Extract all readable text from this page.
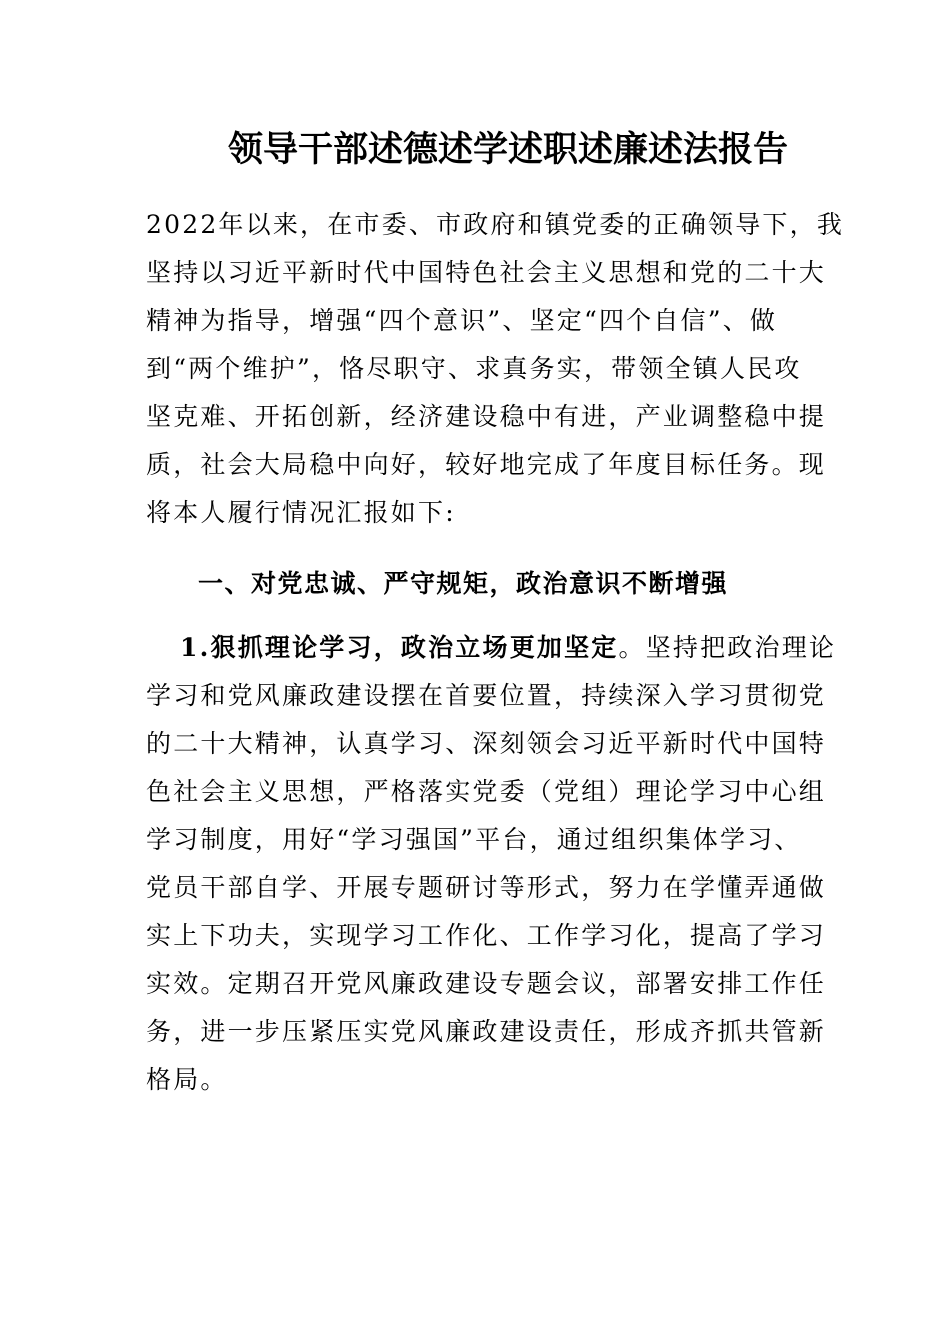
领导干部述德述学述职述廉述法报告
2022年以来，在市委、市政府和镇党委的正确领导下，我
坚持以习近平新时代中国特色社会主义思想和党的二十大
精神为指导，增强“四个意识”、坚定“四个自信”、做
到“两个维护”，恪尽职守、求真务实，带领全镇人民攻
坚克难、开拓创新，经济建设稳中有进，产业调整稳中提
质，社会大局稳中向好，较好地完成了年度目标任务。现
将本人履行情况汇报如下:
一、对党忠诚、严守规矩，政治意识不断增强
1.狠抓理论学习，政治立场更加坚定。坚持把政治理论
学习和党风廉政建设摆在首要位置，持续深入学习贯彻党
的二十大精神，认真学习、深刻领会习近平新时代中国特
色社会主义思想，严格落实党委（党组）理论学习中心组
学习制度，用好“学习强国”平台，通过组织集体学习、
党员干部自学、开展专题研讨等形式，努力在学懂弄通做
实上下功夫，实现学习工作化、工作学习化，提高了学习
实效。定期召开党风廉政建设专题会议，部署安排工作任
务，进一步压紧压实党风廉政建设责任，形成齐抓共管新
格局。
